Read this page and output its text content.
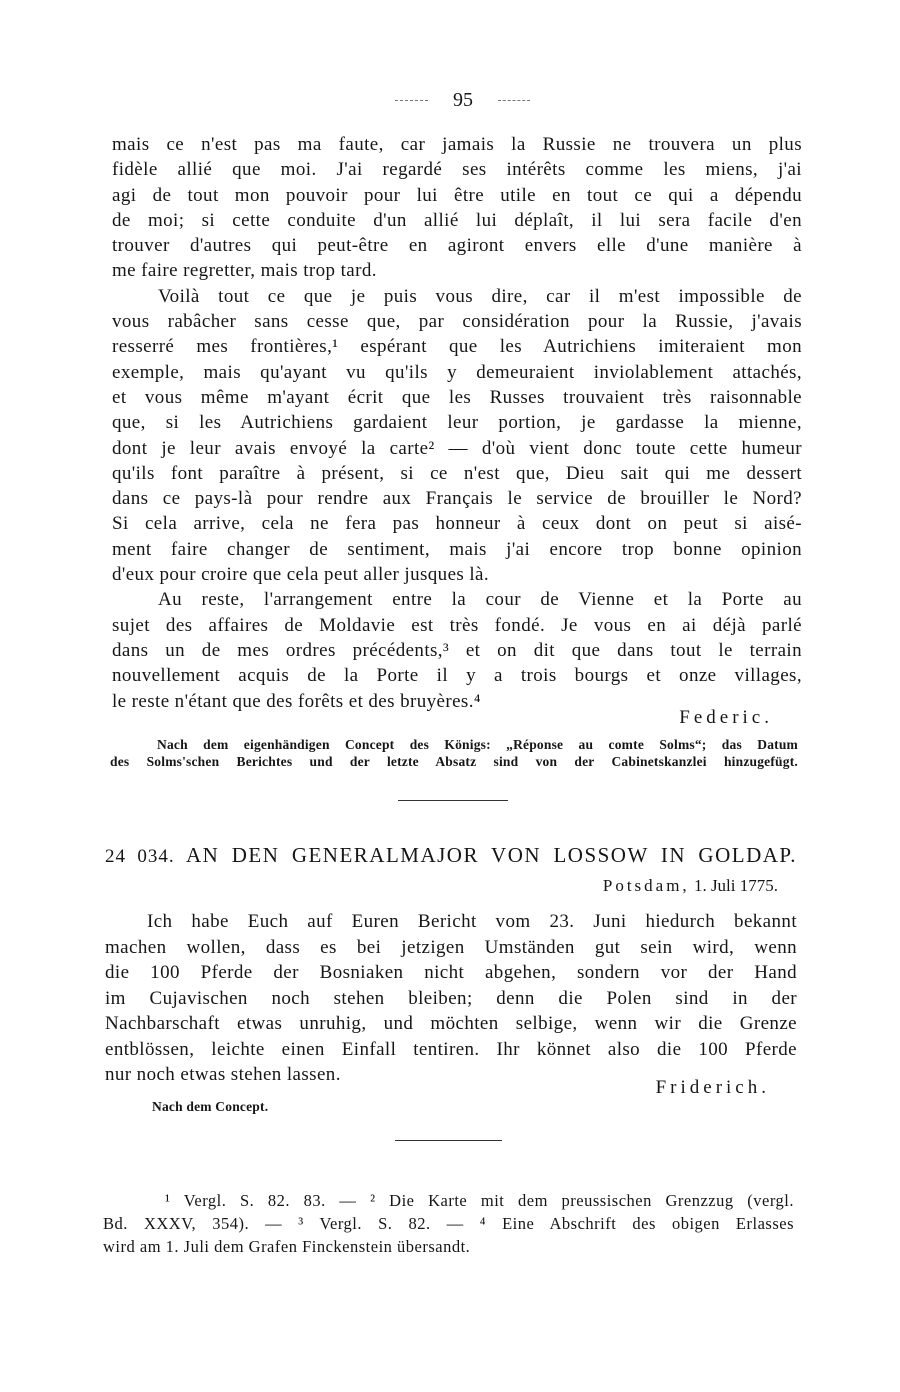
95
mais ce n'est pas ma faute, car jamais la Russie ne trouvera un plus
fidèle allié que moi. J'ai regardé ses intérêts comme les miens, j'ai
agi de tout mon pouvoir pour lui être utile en tout ce qui a dépendu
de moi; si cette conduite d'un allié lui déplaît, il lui sera facile d'en
trouver d'autres qui peut-être en agiront envers elle d'une manière à
me faire regretter, mais trop tard.
Voilà tout ce que je puis vous dire, car il m'est impossible de
vous rabâcher sans cesse que, par considération pour la Russie, j'avais
resserré mes frontières,¹ espérant que les Autrichiens imiteraient mon
exemple, mais qu'ayant vu qu'ils y demeuraient inviolablement attachés,
et vous même m'ayant écrit que les Russes trouvaient très raisonnable
que, si les Autrichiens gardaient leur portion, je gardasse la mienne,
dont je leur avais envoyé la carte² — d'où vient donc toute cette humeur
qu'ils font paraître à présent, si ce n'est que, Dieu sait qui me dessert
dans ce pays-là pour rendre aux Français le service de brouiller le Nord?
Si cela arrive, cela ne fera pas honneur à ceux dont on peut si aisé-
ment faire changer de sentiment, mais j'ai encore trop bonne opinion
d'eux pour croire que cela peut aller jusques là.
Au reste, l'arrangement entre la cour de Vienne et la Porte au
sujet des affaires de Moldavie est très fondé. Je vous en ai déjà parlé
dans un de mes ordres précédents,³ et on dit que dans tout le terrain
nouvellement acquis de la Porte il y a trois bourgs et onze villages,
le reste n'étant que des forêts et des bruyères.⁴
Federic.
Nach dem eigenhändigen Concept des Königs: „Réponse au comte Solms“; das Datum
des Solms'schen Berichtes und der letzte Absatz sind von der Cabinetskanzlei hinzugefügt.
24 034. AN DEN GENERALMAJOR VON LOSSOW IN GOLDAP.
Potsdam, 1. Juli 1775.
Ich habe Euch auf Euren Bericht vom 23. Juni hiedurch bekannt
machen wollen, dass es bei jetzigen Umständen gut sein wird, wenn
die 100 Pferde der Bosniaken nicht abgehen, sondern vor der Hand
im Cujavischen noch stehen bleiben; denn die Polen sind in der
Nachbarschaft etwas unruhig, und möchten selbige, wenn wir die Grenze
entblössen, leichte einen Einfall tentiren. Ihr könnet also die 100 Pferde
nur noch etwas stehen lassen.
Friderich.
Nach dem Concept.
¹ Vergl. S. 82. 83. — ² Die Karte mit dem preussischen Grenzzug (vergl.
Bd. XXXV, 354). — ³ Vergl. S. 82. — ⁴ Eine Abschrift des obigen Erlasses
wird am 1. Juli dem Grafen Finckenstein übersandt.
